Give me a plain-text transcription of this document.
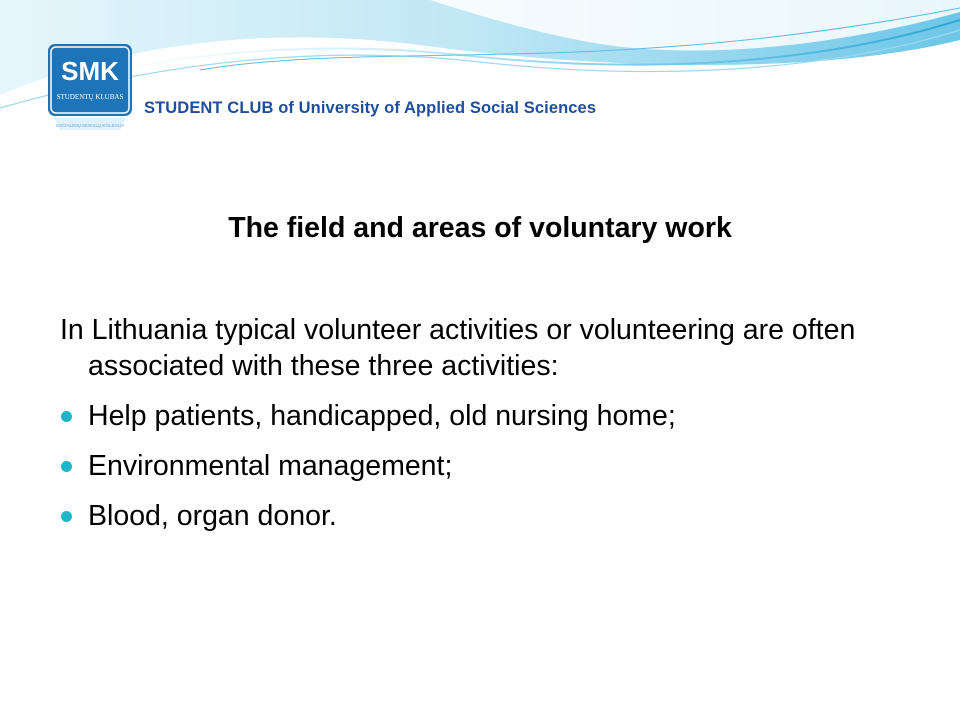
SMK
STUDENTŲ KLUBAS
SOCIALINIŲ MOKSLŲ KOLEGIJA
STUDENT CLUB of University of Applied Social Sciences
The field and areas of voluntary work

In Lithuania typical volunteer activities or volunteering are often associated with these three activities:

Help patients, handicapped, old nursing home;
Environmental management;
Blood, organ donor.
